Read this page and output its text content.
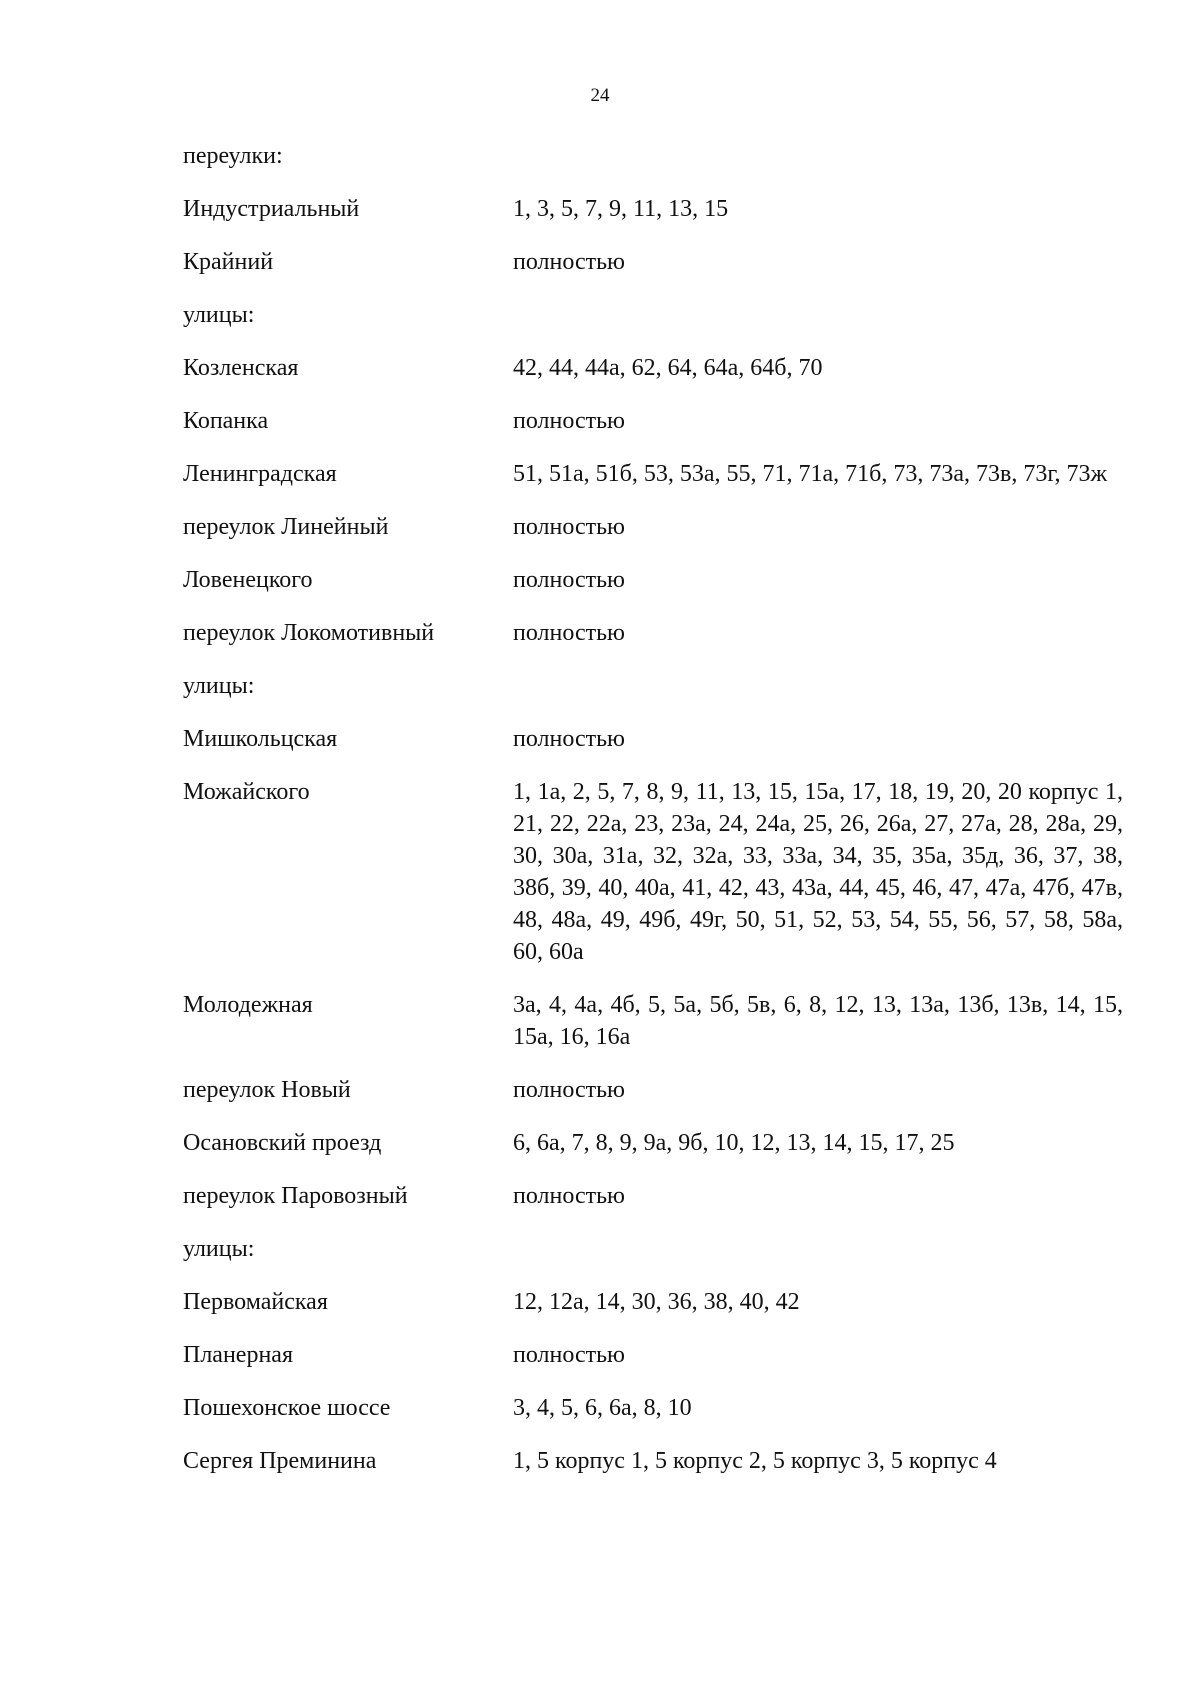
24
переулки:
Индустриальный	1, 3, 5, 7, 9, 11, 13, 15
Крайний	полностью
улицы:
Козленская	42, 44, 44а, 62, 64, 64а, 64б, 70
Копанка	полностью
Ленинградская	51, 51а, 51б, 53, 53а, 55, 71, 71а, 71б, 73, 73а, 73в, 73г, 73ж
переулок Линейный	полностью
Ловенецкого	полностью
переулок Локомотивный	полностью
улицы:
Мишкольцская	полностью
Можайского	1, 1а, 2, 5, 7, 8, 9, 11, 13, 15, 15а, 17, 18, 19, 20, 20 корпус 1, 21, 22, 22а, 23, 23а, 24, 24а, 25, 26, 26а, 27, 27а, 28, 28а, 29, 30, 30а, 31а, 32, 32а, 33, 33а, 34, 35, 35а, 35д, 36, 37, 38, 38б, 39, 40, 40а, 41, 42, 43, 43а, 44, 45, 46, 47, 47а, 47б, 47в, 48, 48а, 49, 49б, 49г, 50, 51, 52, 53, 54, 55, 56, 57, 58, 58а, 60, 60а
Молодежная	3а, 4, 4а, 4б, 5, 5а, 5б, 5в, 6, 8, 12, 13, 13а, 13б, 13в, 14, 15, 15а, 16, 16а
переулок Новый	полностью
Осановский проезд	6, 6а, 7, 8, 9, 9а, 9б, 10, 12, 13, 14, 15, 17, 25
переулок Паровозный	полностью
улицы:
Первомайская	12, 12а, 14, 30, 36, 38, 40, 42
Планерная	полностью
Пошехонское шоссе	3, 4, 5, 6, 6а, 8, 10
Сергея Преминина	1, 5 корпус 1, 5 корпус 2, 5 корпус 3, 5 корпус 4
